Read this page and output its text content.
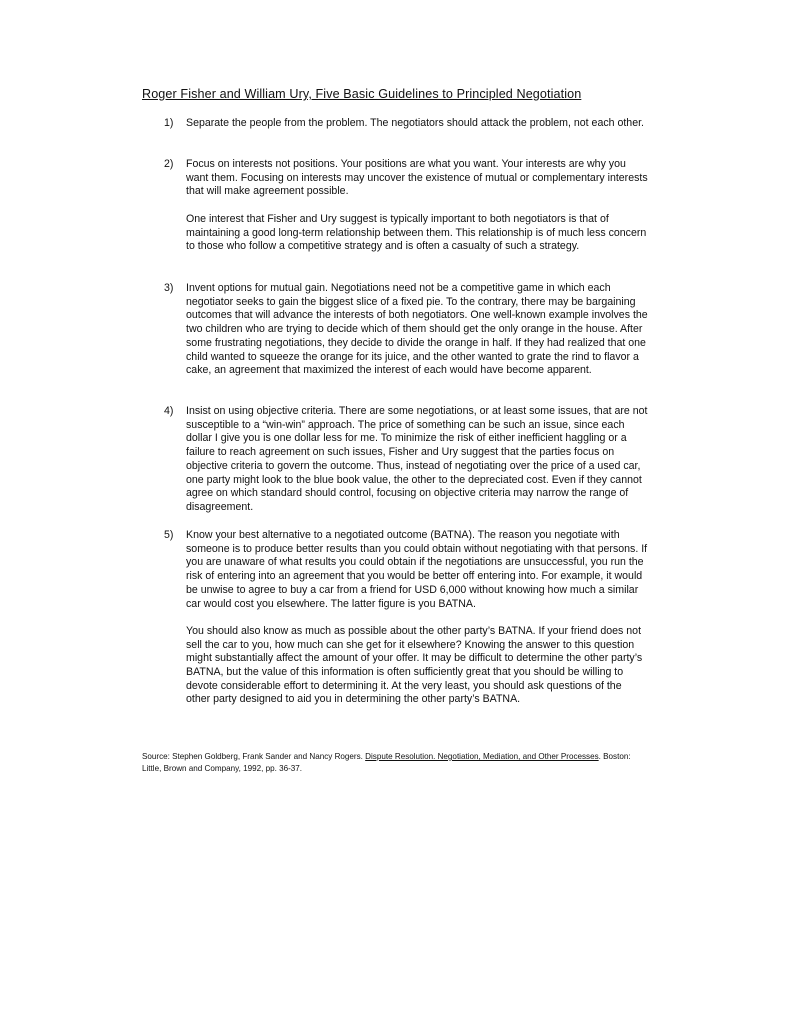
Roger Fisher and William Ury, Five Basic Guidelines to Principled Negotiation
1) Separate the people from the problem. The negotiators should attack the problem, not each other.

2) Focus on interests not positions. Your positions are what you want. Your interests are why you want them. Focusing on interests may uncover the existence of mutual or complementary interests that will make agreement possible.

One interest that Fisher and Ury suggest is typically important to both negotiators is that of maintaining a good long-term relationship between them. This relationship is of much less concern to those who follow a competitive strategy and is often a casualty of such a strategy.

3) Invent options for mutual gain. Negotiations need not be a competitive game in which each negotiator seeks to gain the biggest slice of a fixed pie. To the contrary, there may be bargaining outcomes that will advance the interests of both negotiators. One well-known example involves the two children who are trying to decide which of them should get the only orange in the house. After some frustrating negotiations, they decide to divide the orange in half. If they had realized that one child wanted to squeeze the orange for its juice, and the other wanted to grate the rind to flavor a cake, an agreement that maximized the interest of each would have become apparent.

4) Insist on using objective criteria. There are some negotiations, or at least some issues, that are not susceptible to a “win-win” approach. The price of something can be such an issue, since each dollar I give you is one dollar less for me. To minimize the risk of either inefficient haggling or a failure to reach agreement on such issues, Fisher and Ury suggest that the parties focus on objective criteria to govern the outcome. Thus, instead of negotiating over the price of a used car, one party might look to the blue book value, the other to the depreciated cost. Even if they cannot agree on which standard should control, focusing on objective criteria may narrow the range of disagreement.

5) Know your best alternative to a negotiated outcome (BATNA). The reason you negotiate with someone is to produce better results than you could obtain without negotiating with that persons. If you are unaware of what results you could obtain if the negotiations are unsuccessful, you run the risk of entering into an agreement that you would be better off entering into. For example, it would be unwise to agree to buy a car from a friend for USD 6,000 without knowing how much a similar car would cost you elsewhere. The latter figure is you BATNA.

You should also know as much as possible about the other party’s BATNA. If your friend does not sell the car to you, how much can she get for it elsewhere? Knowing the answer to this question might substantially affect the amount of your offer. It may be difficult to determine the other party’s BATNA, but the value of this information is often sufficiently great that you should be willing to devote considerable effort to determining it. At the very least, you should ask questions of the other party designed to aid you in determining the other party’s BATNA.

Source: Stephen Goldberg, Frank Sander and Nancy Rogers. Dispute Resolution. Negotiation, Mediation, and Other Processes. Boston: Little, Brown and Company, 1992, pp. 36-37.
